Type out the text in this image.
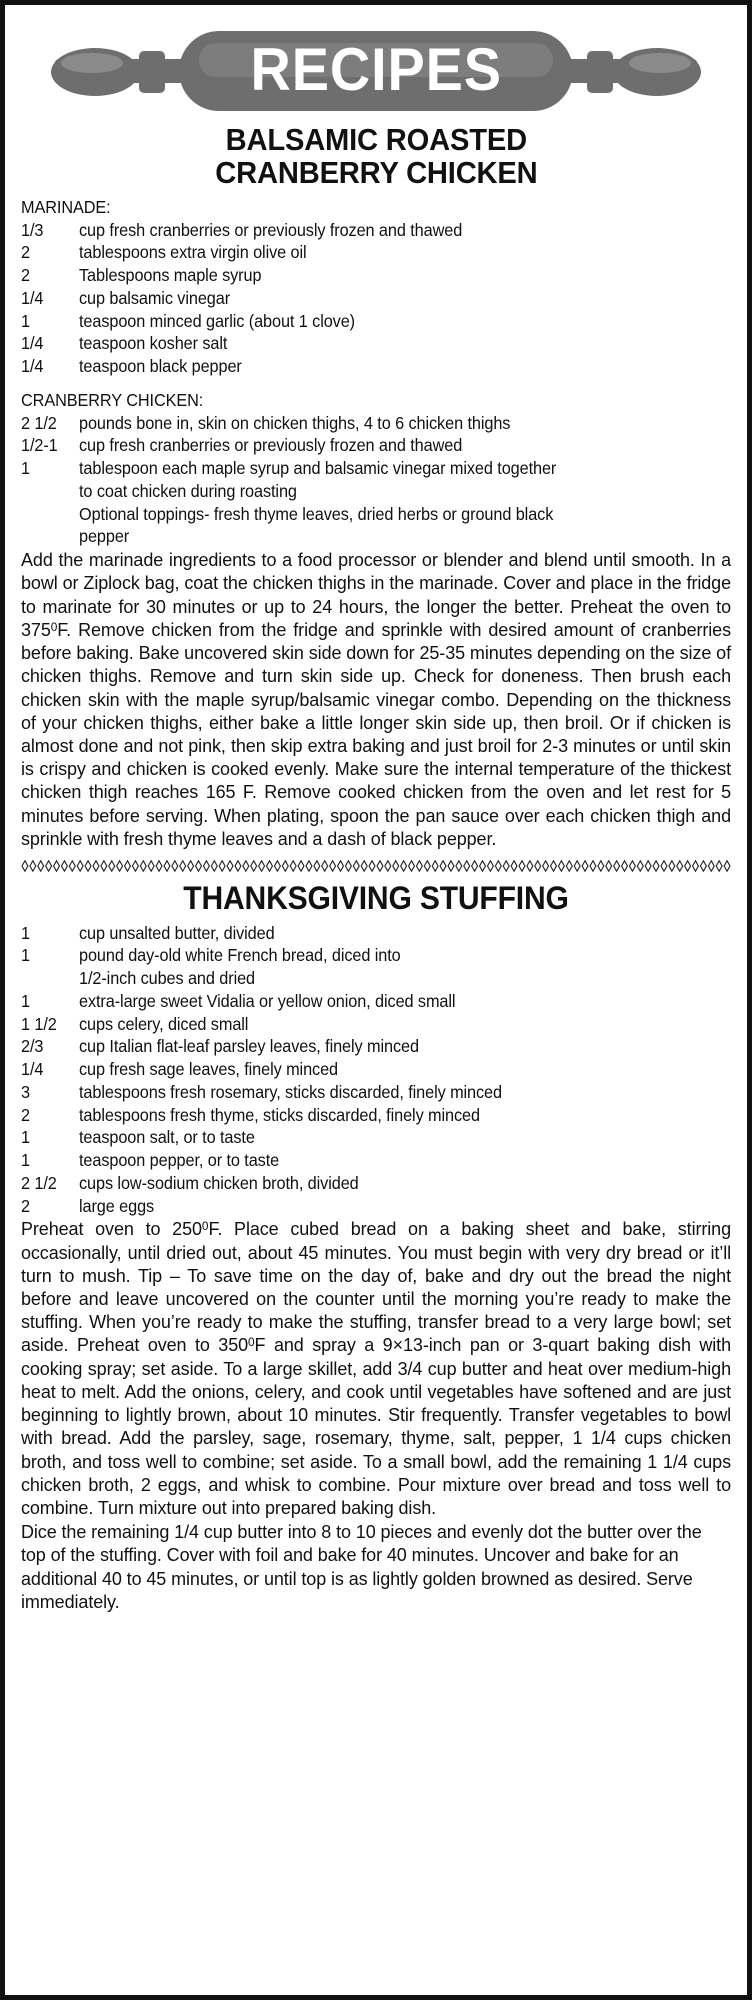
RECIPES
BALSAMIC ROASTED
CRANBERRY CHICKEN
MARINADE:
1/3	cup fresh cranberries or previously frozen and thawed
2	tablespoons extra virgin olive oil
2	Tablespoons maple syrup
1/4	cup balsamic vinegar
1	teaspoon minced garlic (about 1 clove)
1/4	teaspoon kosher salt
1/4	teaspoon black pepper
CRANBERRY CHICKEN:
2 1/2	pounds bone in, skin on chicken thighs, 4 to 6 chicken thighs
1/2-1	cup fresh cranberries or previously frozen and thawed
1	tablespoon each maple syrup and balsamic vinegar mixed together
to coat chicken during roasting
Optional toppings- fresh thyme leaves, dried herbs or ground black
pepper

Add the marinade ingredients to a food processor or blender and blend until smooth. In a bowl or Ziplock bag, coat the chicken thighs in the marinade. Cover and place in the fridge to marinate for 30 minutes or up to 24 hours, the longer the better. Preheat the oven to $375^0F$. Remove chicken from the fridge and sprinkle with desired amount of cranberries before baking. Bake uncovered skin side down for 25-35 minutes depending on the size of chicken thighs. Remove and turn skin side up. Check for doneness. Then brush each chicken skin with the maple syrup/balsamic vinegar combo. Depending on the thickness of your chicken thighs, either bake a little longer skin side up, then broil. Or if chicken is almost done and not pink, then skip extra baking and just broil for 2-3 minutes or until skin is crispy and chicken is cooked evenly. Make sure the internal temperature of the thickest chicken thigh reaches 165 F. Remove cooked chicken from the oven and let rest for 5 minutes before serving. When plating, spoon the pan sauce over each chicken thigh and sprinkle with fresh thyme leaves and a dash of black pepper.

THANKSGIVING STUFFING
1	cup unsalted butter, divided
1	pound day-old white French bread, diced into
1/2-inch cubes and dried
1	extra-large sweet Vidalia or yellow onion, diced small
1 1/2	cups celery, diced small
2/3	cup Italian flat-leaf parsley leaves, finely minced
1/4	cup fresh sage leaves, finely minced
3	tablespoons fresh rosemary, sticks discarded, finely minced
2	tablespoons fresh thyme, sticks discarded, finely minced
1	teaspoon salt, or to taste
1	teaspoon pepper, or to taste
2 1/2	cups low-sodium chicken broth, divided
2	large eggs

Preheat oven to $250^0F$. Place cubed bread on a baking sheet and bake, stirring occasionally, until dried out, about 45 minutes. You must begin with very dry bread or it’ll turn to mush. Tip – To save time on the day of, bake and dry out the bread the night before and leave uncovered on the counter until the morning you’re ready to make the stuffing. When you’re ready to make the stuffing, transfer bread to a very large bowl; set aside. Preheat oven to $350^0F$ and spray a 9×13-inch pan or 3-quart baking dish with cooking spray; set aside. To a large skillet, add 3/4 cup butter and heat over medium-high heat to melt. Add the onions, celery, and cook until vegetables have softened and are just beginning to lightly brown, about 10 minutes. Stir frequently. Transfer vegetables to bowl with bread. Add the parsley, sage, rosemary, thyme, salt, pepper, 1 1/4 cups chicken broth, and toss well to combine; set aside. To a small bowl, add the remaining 1 1/4 cups chicken broth, 2 eggs, and whisk to combine. Pour mixture over bread and toss well to combine. Turn mixture out into prepared baking dish.

Dice the remaining 1/4 cup butter into 8 to 10 pieces and evenly dot the butter over the top of the stuffing. Cover with foil and bake for 40 minutes. Uncover and bake for an additional 40 to 45 minutes, or until top is as lightly golden browned as desired. Serve immediately.
